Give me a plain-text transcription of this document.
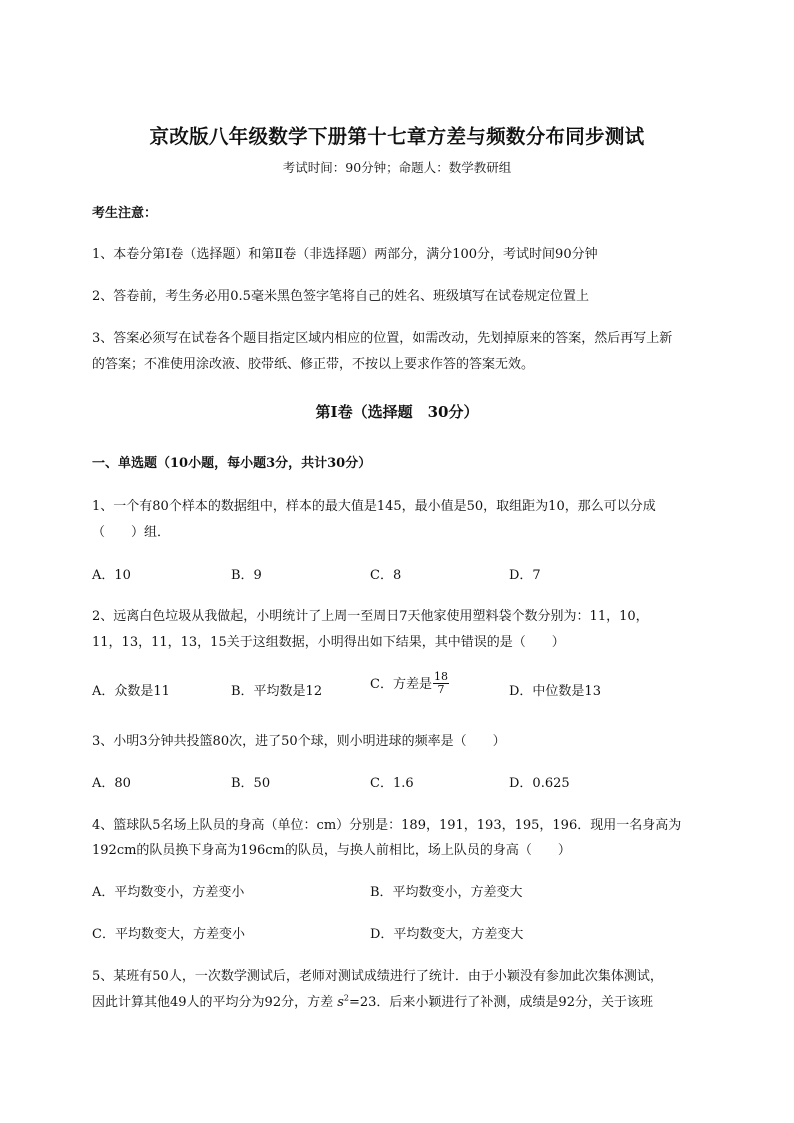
京改版八年级数学下册第十七章方差与频数分布同步测试
考试时间：90分钟；命题人：数学教研组
考生注意：
1、本卷分第I卷（选择题）和第Ⅱ卷（非选择题）两部分，满分100分，考试时间90分钟
2、答卷前，考生务必用0.5毫米黑色签字笔将自己的姓名、班级填写在试卷规定位置上
3、答案必须写在试卷各个题目指定区域内相应的位置，如需改动，先划掉原来的答案，然后再写上新
的答案；不准使用涂改液、胶带纸、修正带，不按以上要求作答的答案无效。
第I卷（选择题　30分）
一、单选题（10小题，每小题3分，共计30分）
1、一个有80个样本的数据组中，样本的最大值是145，最小值是50，取组距为10，那么可以分成
（　　）组．
A．10	B．9	C．8	D．7
2、远离白色垃圾从我做起，小明统计了上周一至周日7天他家使用塑料袋个数分别为：11，10，
11，13，11，13，15关于这组数据，小明得出如下结果，其中错误的是（　　）
A．众数是11	B．平均数是12	C．方差是 $\frac{18}{7}$	D．中位数是13
3、小明3分钟共投篮80次，进了50个球，则小明进球的频率是（　　）
A．80	B．50	C．1.6	D．0.625
4、篮球队5名场上队员的身高（单位：cm）分别是：189，191，193，195，196．现用一名身高为
192cm的队员换下身高为196cm的队员，与换人前相比，场上队员的身高（　　）
A．平均数变小，方差变小	B．平均数变小，方差变大
C．平均数变大，方差变小	D．平均数变大，方差变大
5、某班有50人，一次数学测试后，老师对测试成绩进行了统计．由于小颖没有参加此次集体测试，
因此计算其他49人的平均分为92分，方差 $s^2=23$．后来小颖进行了补测，成绩是92分，关于该班
